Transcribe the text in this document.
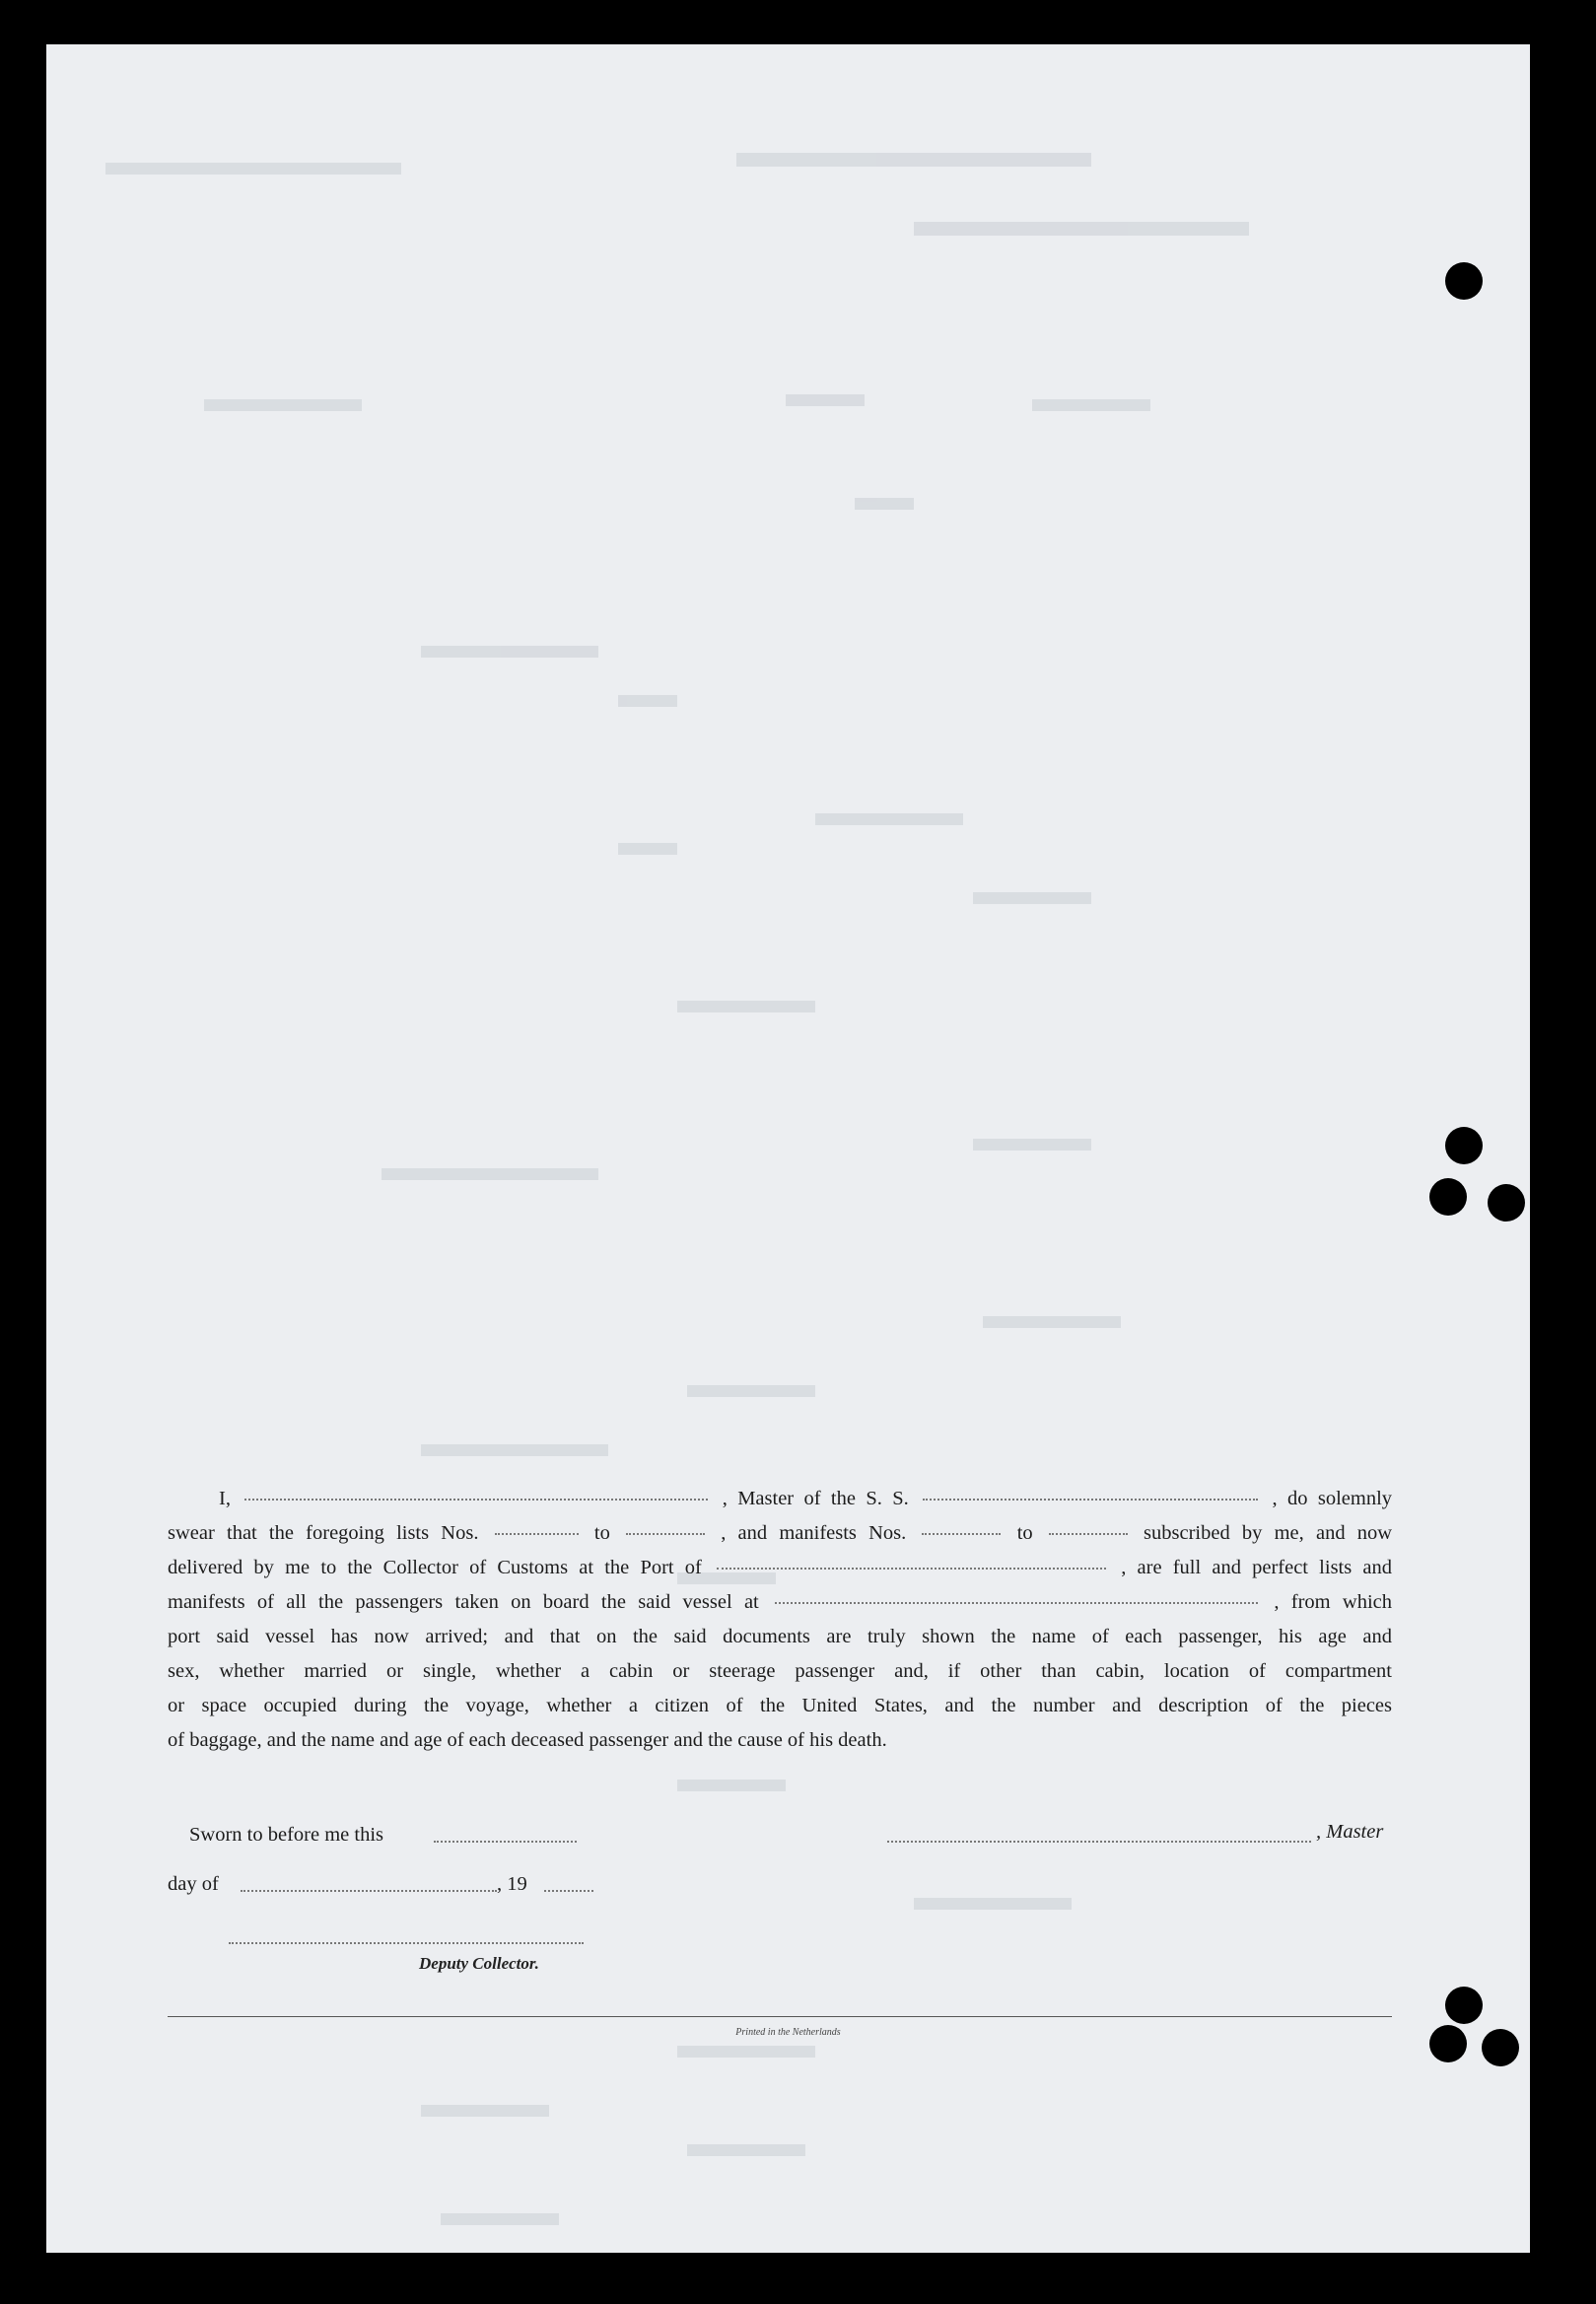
I,	, Master of the S. S.	, do solemnly
swear that the foregoing lists Nos.	to	, and manifests Nos.	to	subscribed by me, and now
delivered by me to the Collector of Customs at the Port of	, are full and perfect lists and
manifests of all the passengers taken on board the said vessel at	, from which
port said vessel has now arrived; and that on the said documents are truly shown the name of each passenger, his age and
sex, whether married or single, whether a cabin or steerage passenger and, if other than cabin, location of compartment
or space occupied during the voyage, whether a citizen of the United States, and the number and description of the pieces
of baggage, and the name and age of each deceased passenger and the cause of his death.
Sworn to before me this	, Master
day of	, 19
Deputy Collector.
Printed in the Netherlands
